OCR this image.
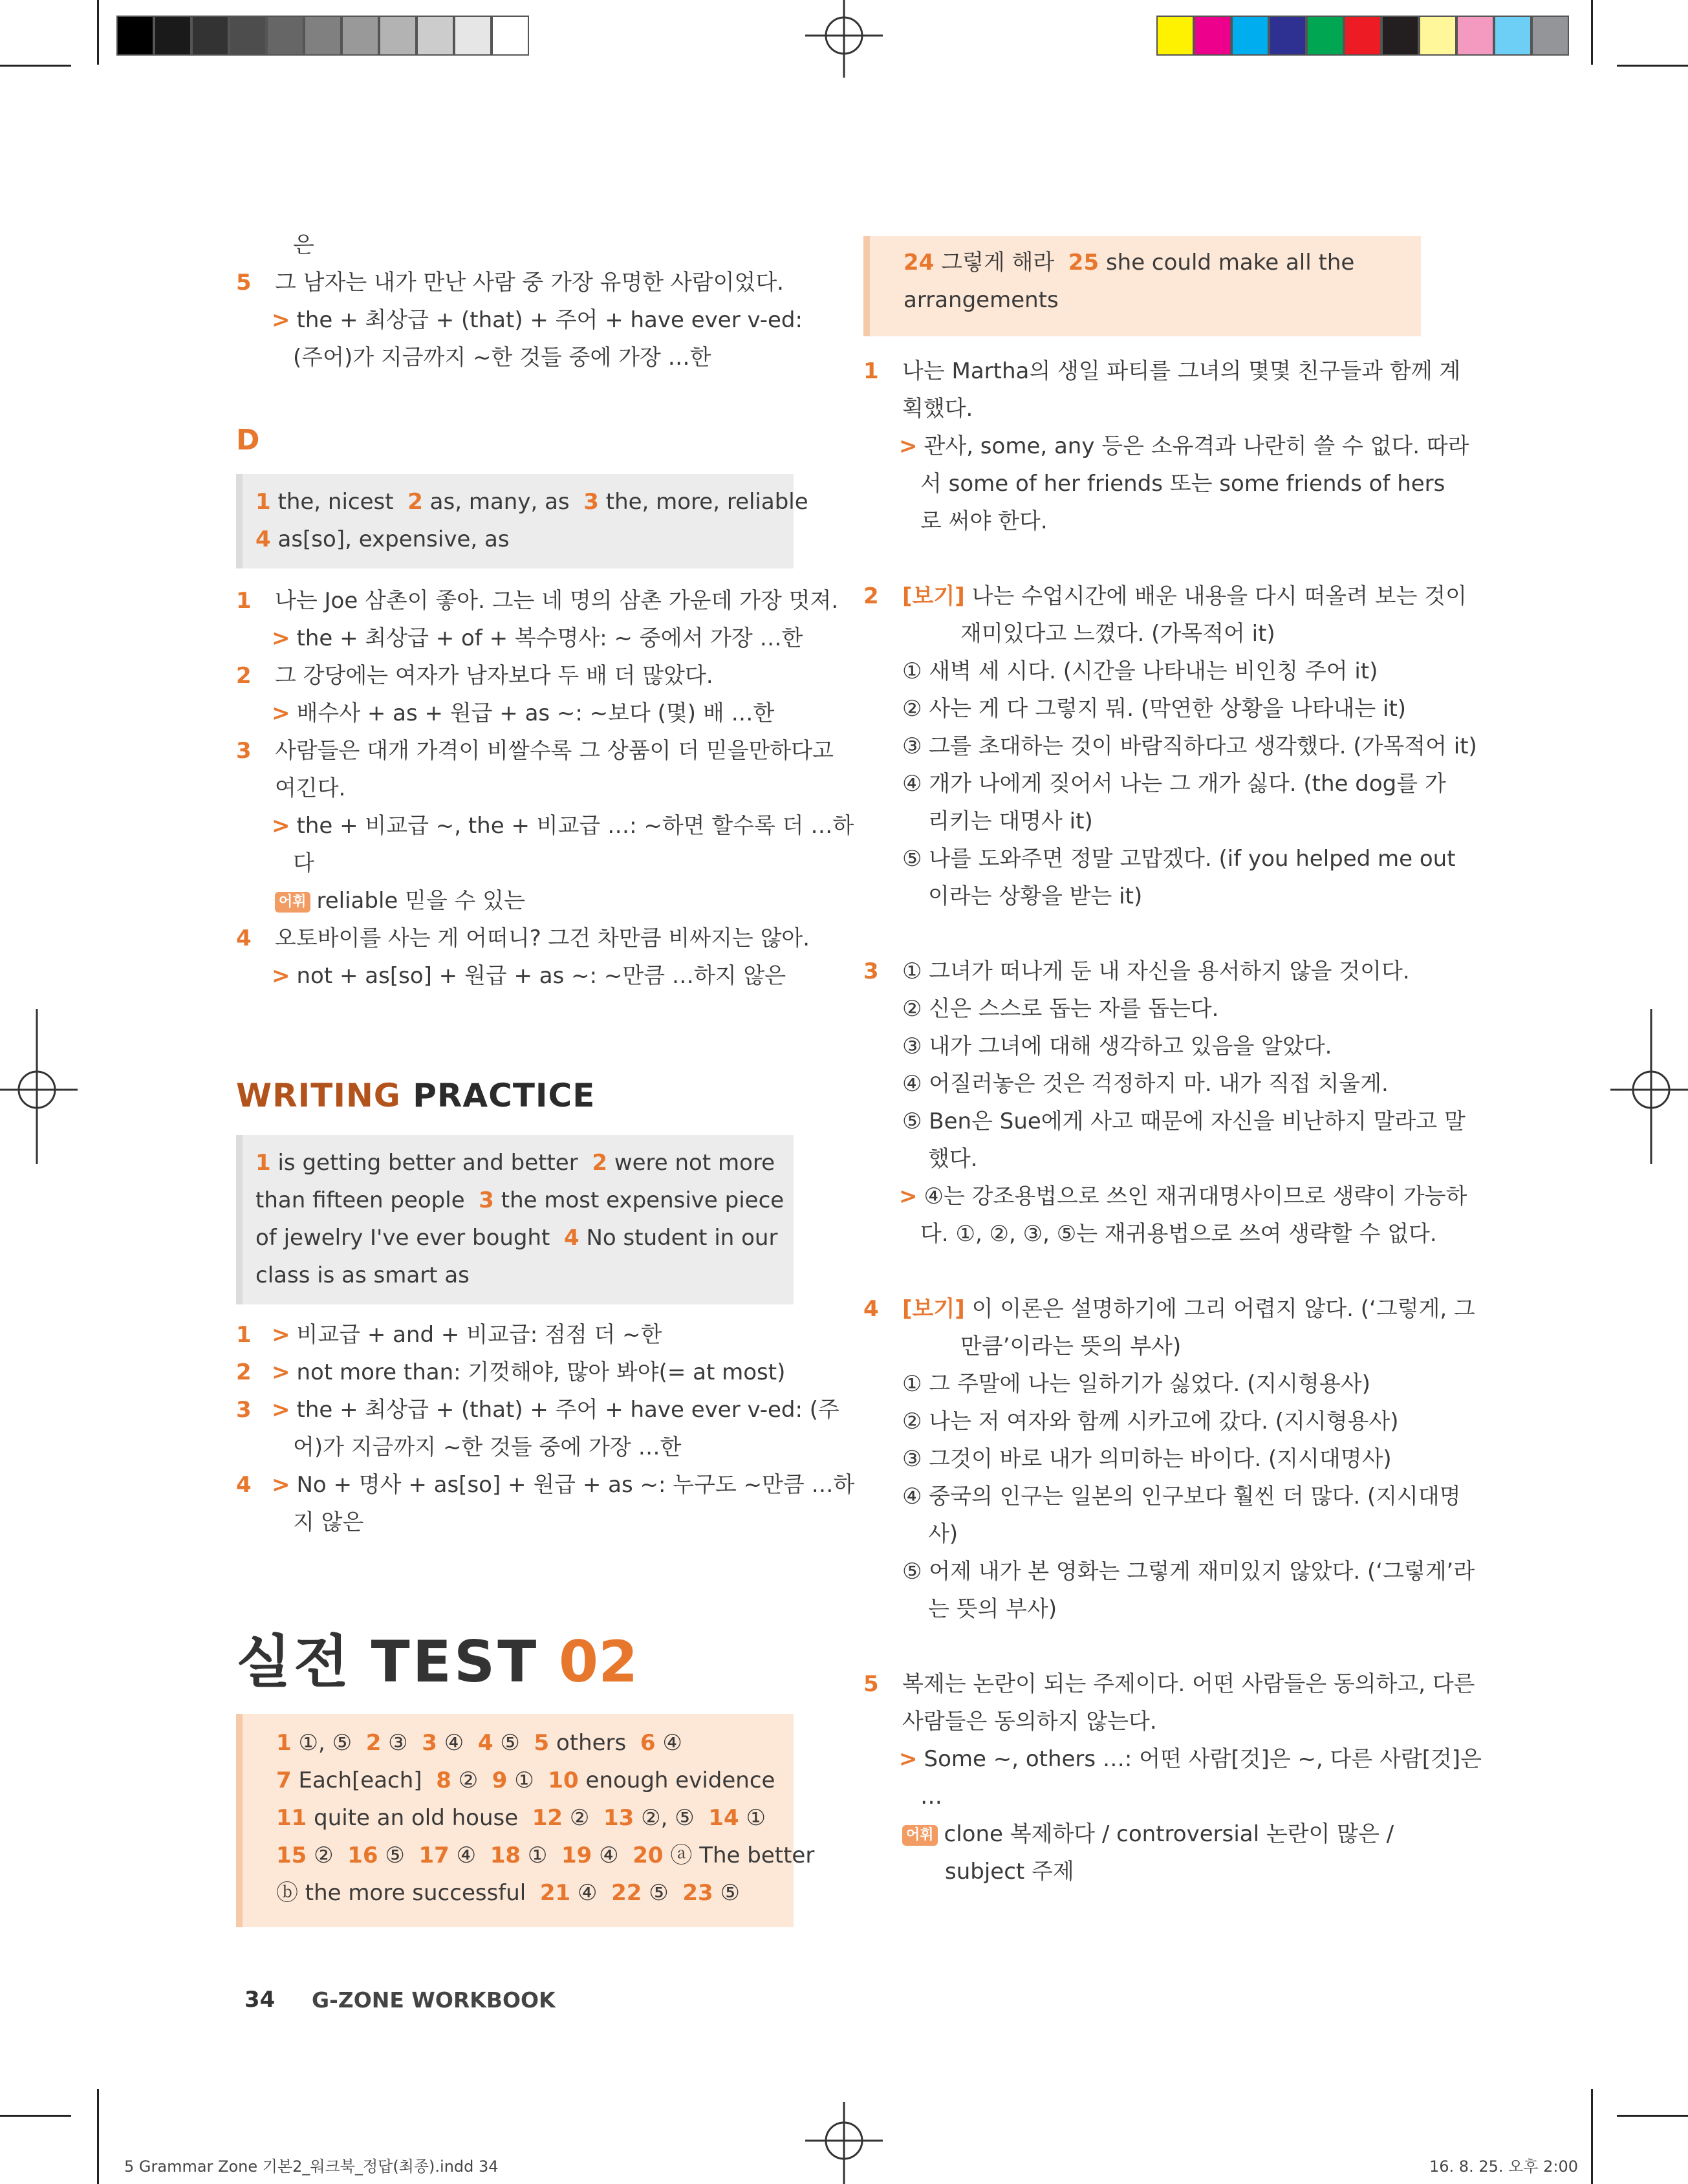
은
5 그 남자는 내가 만난 사람 중 가장 유명한 사람이었다.
> the + 최상급 + (that) + 주어 + have ever v-ed:
(주어)가 지금까지 ~한 것들 중에 가장 …한
D
1 the, nicest 2 as, many, as 3 the, more, reliable
4 as[so], expensive, as
1 나는 Joe 삼촌이 좋아. 그는 네 명의 삼촌 가운데 가장 멋져.
> the + 최상급 + of + 복수명사: ~ 중에서 가장 …한
2 그 강당에는 여자가 남자보다 두 배 더 많았다.
> 배수사 + as + 원급 + as ~: ~보다 (몇) 배 …한
3 사람들은 대개 가격이 비쌀수록 그 상품이 더 믿을만하다고
여긴다.
> the + 비교급 ~, the + 비교급 …: ~하면 할수록 더 …하
다
어휘 reliable 믿을 수 있는
4 오토바이를 사는 게 어떠니? 그건 차만큼 비싸지는 않아.
> not + as[so] + 원급 + as ~: ~만큼 …하지 않은
WRITING PRACTICE
1 is getting better and better 2 were not more
than fifteen people 3 the most expensive piece
of jewelry I've ever bought 4 No student in our
class is as smart as
1 > 비교급 + and + 비교급: 점점 더 ~한
2 > not more than: 기껏해야, 많아 봐야(= at most)
3 > the + 최상급 + (that) + 주어 + have ever v-ed: (주
어)가 지금까지 ~한 것들 중에 가장 …한
4 > No + 명사 + as[so] + 원급 + as ~: 누구도 ~만큼 …하
지 않은
실전 TEST 02
1 ①, ⑤ 2 ③ 3 ④ 4 ⑤ 5 others 6 ④
7 Each[each] 8 ② 9 ① 10 enough evidence
11 quite an old house 12 ② 13 ②, ⑤ 14 ①
15 ② 16 ⑤ 17 ④ 18 ① 19 ④ 20 ⓐ The better
ⓑ the more successful 21 ④ 22 ⑤ 23 ⑤
24 그렇게 해라 25 she could make all the
arrangements
1 나는 Martha의 생일 파티를 그녀의 몇몇 친구들과 함께 계
획했다.
> 관사, some, any 등은 소유격과 나란히 쓸 수 없다. 따라
서 some of her friends 또는 some friends of hers
로 써야 한다.
2 [보기] 나는 수업시간에 배운 내용을 다시 떠올려 보는 것이
재미있다고 느꼈다. (가목적어 it)
① 새벽 세 시다. (시간을 나타내는 비인칭 주어 it)
② 사는 게 다 그렇지 뭐. (막연한 상황을 나타내는 it)
③ 그를 초대하는 것이 바람직하다고 생각했다. (가목적어 it)
④ 개가 나에게 짖어서 나는 그 개가 싫다. (the dog를 가
리키는 대명사 it)
⑤ 나를 도와주면 정말 고맙겠다. (if you helped me out
이라는 상황을 받는 it)
3 ① 그녀가 떠나게 둔 내 자신을 용서하지 않을 것이다.
② 신은 스스로 돕는 자를 돕는다.
③ 내가 그녀에 대해 생각하고 있음을 알았다.
④ 어질러놓은 것은 걱정하지 마. 내가 직접 치울게.
⑤ Ben은 Sue에게 사고 때문에 자신을 비난하지 말라고 말
했다.
> ④는 강조용법으로 쓰인 재귀대명사이므로 생략이 가능하
다. ①, ②, ③, ⑤는 재귀용법으로 쓰여 생략할 수 없다.
4 [보기] 이 이론은 설명하기에 그리 어렵지 않다. (‘그렇게, 그
만큼’이라는 뜻의 부사)
① 그 주말에 나는 일하기가 싫었다. (지시형용사)
② 나는 저 여자와 함께 시카고에 갔다. (지시형용사)
③ 그것이 바로 내가 의미하는 바이다. (지시대명사)
④ 중국의 인구는 일본의 인구보다 훨씬 더 많다. (지시대명
사)
⑤ 어제 내가 본 영화는 그렇게 재미있지 않았다. (‘그렇게’라
는 뜻의 부사)
5 복제는 논란이 되는 주제이다. 어떤 사람들은 동의하고, 다른
사람들은 동의하지 않는다.
> Some ~, others …: 어떤 사람[것]은 ~, 다른 사람[것]은
…
어휘 clone 복제하다 / controversial 논란이 많은 /
subject 주제
34 G-ZONE WORKBOOK
5 Grammar Zone 기본2_워크북_정답(최종).indd 34	16. 8. 25. 오후 2:00
